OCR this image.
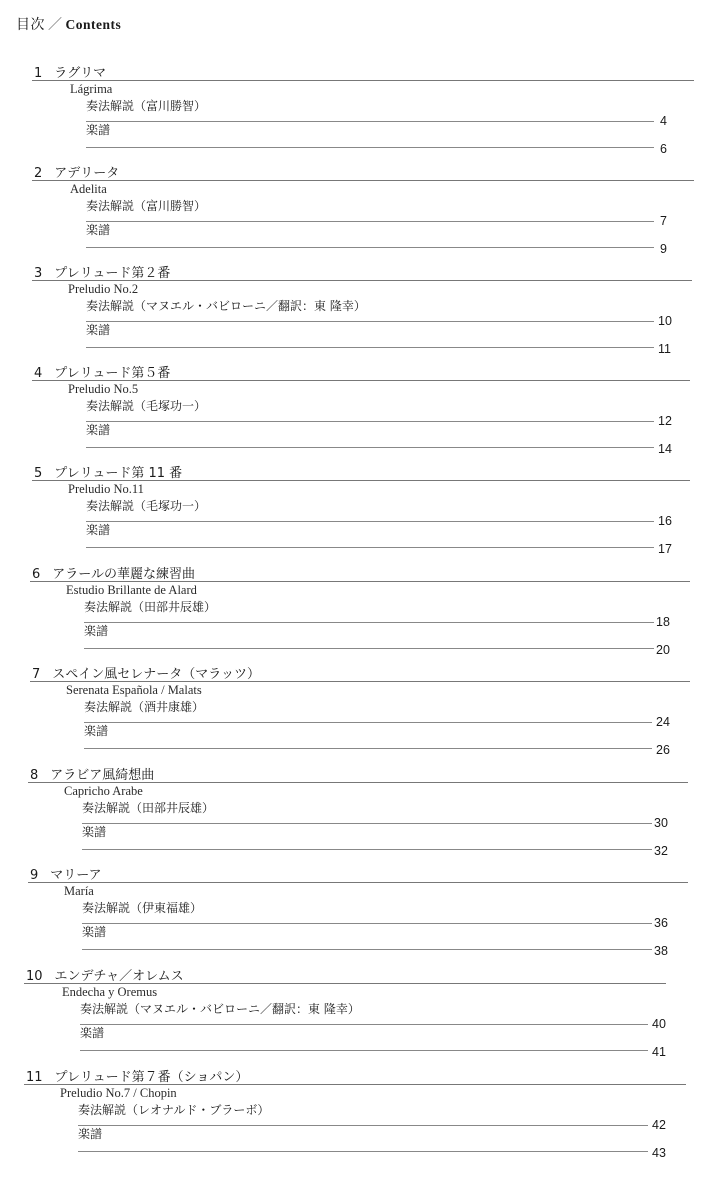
目次 ／ Contents
1 ラグリマ
Lágrima
奏法解説（富川勝智）
4
楽譜
6
2 アデリータ
Adelita
奏法解説（富川勝智）
7
楽譜
9
3 プレリュード第２番
Preludio No.2
奏法解説（マヌエル・バビローニ／翻訳：東 隆幸）
10
楽譜
11
4 プレリュード第５番
Preludio No.5
奏法解説（毛塚功一）
12
楽譜
14
5 プレリュード第 11 番
Preludio No.11
奏法解説（毛塚功一）
16
楽譜
17
6 アラールの華麗な練習曲
Estudio Brillante de Alard
奏法解説（田部井辰雄）
18
楽譜
20
7 スペイン風セレナータ（マラッツ）
Serenata Española / Malats
奏法解説（酒井康雄）
24
楽譜
26
8 アラビア風綺想曲
Capricho Arabe
奏法解説（田部井辰雄）
30
楽譜
32
9 マリーア
María
奏法解説（伊東福雄）
36
楽譜
38
10 エンデチャ／オレムス
Endecha y Oremus
奏法解説（マヌエル・バビローニ／翻訳：東 隆幸）
40
楽譜
41
11 プレリュード第７番（ショパン）
Preludio No.7 / Chopin
奏法解説（レオナルド・ブラーボ）
42
楽譜
43
